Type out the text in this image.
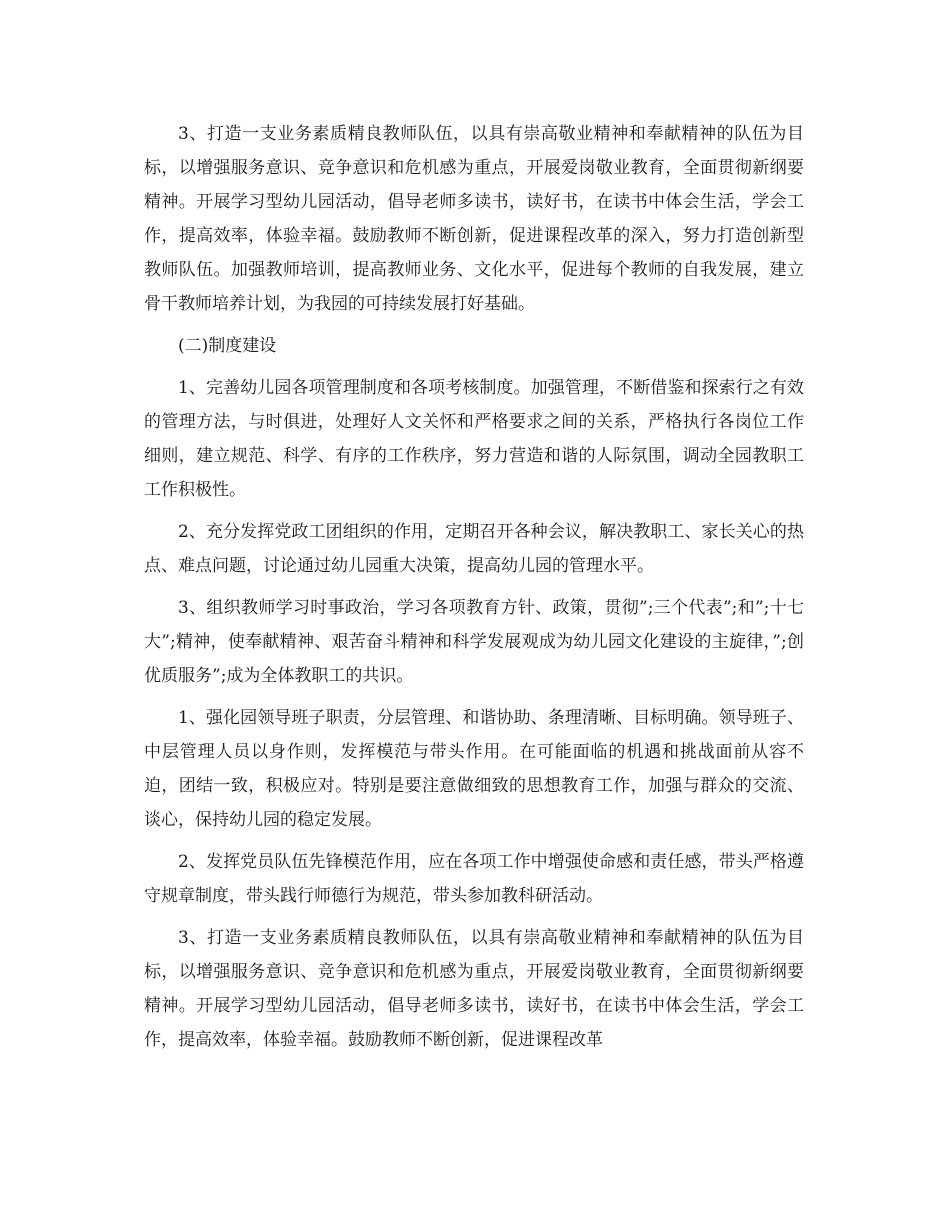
3、打造一支业务素质精良教师队伍，以具有崇高敬业精神和奉献精神的队伍为目标，以增强服务意识、竞争意识和危机感为重点，开展爱岗敬业教育，全面贯彻新纲要精神。开展学习型幼儿园活动，倡导老师多读书，读好书，在读书中体会生活，学会工作，提高效率，体验幸福。鼓励教师不断创新，促进课程改革的深入，努力打造创新型教师队伍。加强教师培训，提高教师业务、文化水平，促进每个教师的自我发展，建立骨干教师培养计划，为我园的可持续发展打好基础。

(二)制度建设

1、完善幼儿园各项管理制度和各项考核制度。加强管理，不断借鉴和探索行之有效的管理方法，与时俱进，处理好人文关怀和严格要求之间的关系，严格执行各岗位工作细则，建立规范、科学、有序的工作秩序，努力营造和谐的人际氛围，调动全园教职工工作积极性。

2、充分发挥党政工团组织的作用，定期召开各种会议，解决教职工、家长关心的热点、难点问题，讨论通过幼儿园重大决策，提高幼儿园的管理水平。

3、组织教师学习时事政治，学习各项教育方针、政策，贯彻”;三个代表”;和”;十七大”;精神，使奉献精神、艰苦奋斗精神和科学发展观成为幼儿园文化建设的主旋律，”;创优质服务”;成为全体教职工的共识。

1、强化园领导班子职责，分层管理、和谐协助、条理清晰、目标明确。领导班子、中层管理人员以身作则，发挥模范与带头作用。在可能面临的机遇和挑战面前从容不迫，团结一致，积极应对。特别是要注意做细致的思想教育工作，加强与群众的交流、谈心，保持幼儿园的稳定发展。

2、发挥党员队伍先锋模范作用，应在各项工作中增强使命感和责任感，带头严格遵守规章制度，带头践行师德行为规范，带头参加教科研活动。

3、打造一支业务素质精良教师队伍，以具有崇高敬业精神和奉献精神的队伍为目标，以增强服务意识、竞争意识和危机感为重点，开展爱岗敬业教育，全面贯彻新纲要精神。开展学习型幼儿园活动，倡导老师多读书，读好书，在读书中体会生活，学会工作，提高效率，体验幸福。鼓励教师不断创新，促进课程改革
